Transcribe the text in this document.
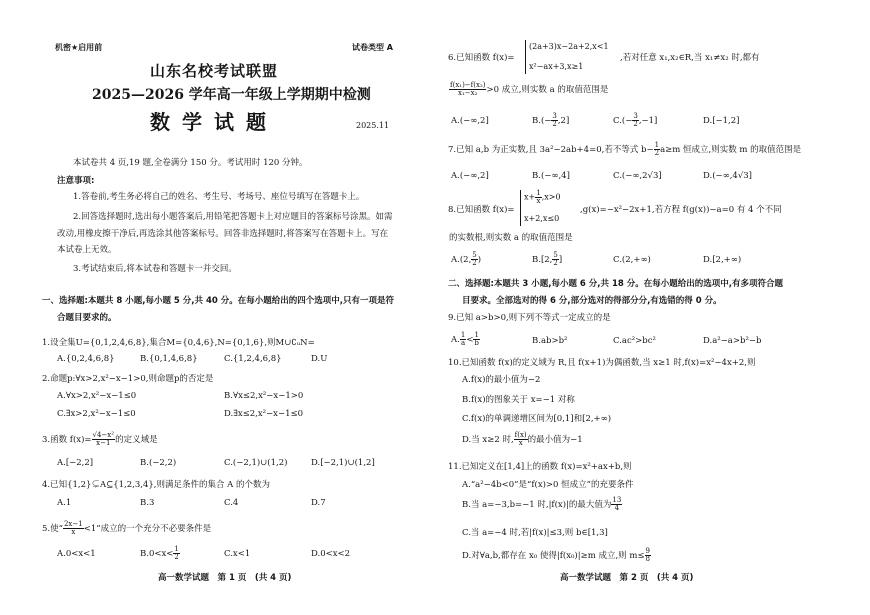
机密★启用前	试卷类型 A
山东名校考试联盟
2025—2026 学年高一年级上学期期中检测
数学试题	2025.11
本试卷共 4 页,19 题,全卷满分 150 分。考试用时 120 分钟。
注意事项:
1.答卷前,考生务必将自己的姓名、考生号、考场号、座位号填写在答题卡上。
2.回答选择题时,选出每小题答案后,用铅笔把答题卡上对应题目的答案标号涂黑。如需
改动,用橡皮擦干净后,再选涂其他答案标号。回答非选择题时,将答案写在答题卡上。写在
本试卷上无效。
3.考试结束后,将本试卷和答题卡一并交回。
一、选择题:本题共 8 小题,每小题 5 分,共 40 分。在每小题给出的四个选项中,只有一项是符
合题目要求的。
1.设全集U={0,1,2,4,6,8},集合M={0,4,6},N={0,1,6},则M∪∁ᵤN=
A.{0,2,4,6,8}	B.{0,1,4,6,8}	C.{1,2,4,6,8}	D.U
2.命题p:∀x>2,x²−x−1>0,则命题p的否定是
A.∀x>2,x²−x−1≤0	B.∀x≤2,x²−x−1>0
C.∃x>2,x²−x−1≤0	D.∃x≤2,x²−x−1≤0
3.函数 $f(x)= \frac{\text{√4−x²}}{x-1}$ 的定义域是
A.[−2,2]	B.(−2,2)	C.(−2,1)∪(1,2)	D.[−2,1)∪(1,2]
4.已知{1,2}⊊A⊆{1,2,3,4},则满足条件的集合 A 的个数为
A.1	B.3	C.4	D.7
5.使“ $\frac{2x-1}{x} <1$”成立的一个充分不必要条件是
A.0<x<1	$B.0<x< \frac{1}{2}$	C.x<1	D.0<x<2
高一数学试题　第 1 页　(共 4 页)
6.已知函数 f(x)=
(2a+3)x−2a+2,x<1
x²−ax+3,x≥1
,若对任意 x₁,x₂∈R,当 x₁≠x₂ 时,都有
$\frac{\text{f(x₁)−f(x₂)}}{\text{x₁−x₂}} >0$ 成立,则实数 a 的取值范围是
A.(−∞,2]	$B.(- \frac{3}{2} ,2]$	$C.(- \frac{3}{2} ,-1]$	D.[−1,2]
7.已知 a,b 为正实数,且 3a²−2ab+4=0,若不等式 $b- \frac{1}{2} a\ge m$ 恒成立,则实数 m 的取值范围是
A.(−∞,2]	B.(−∞,4]	C.(−∞,2√3]	D.(−∞,4√3]
8.已知函数 f(x)=
$x+ \frac{1}{x} ,x>0$
x+2,x≤0
,g(x)=−x²−2x+1,若方程 f(g(x))−a=0 有 4 个不同
的实数根,则实数 a 的取值范围是
A.(2, $\frac{5}{2}$ )	B.[2, $\frac{5}{2}$ ]	C.(2,+∞)	D.[2,+∞)
二、选择题:本题共 3 小题,每小题 6 分,共 18 分。在每小题给出的选项中,有多项符合题
目要求。全部选对的得 6 分,部分选对的得部分分,有选错的得 0 分。
9.已知 a>b>0,则下列不等式一定成立的是
A. $\frac{1}{a} < \frac{1}{b}$	B.ab>b²	C.ac²>bc²	D.a²−a>b²−b
10.已知函数 f(x)的定义域为 R,且 f(x+1)为偶函数,当 x≥1 时,f(x)=x²−4x+2,则
A.f(x)的最小值为−2
B.f(x)的图象关于 x=−1 对称
C.f(x)的单调递增区间为[0,1]和[2,+∞)
D.当 x≥2 时, $\frac{f(x)}{x}$ 的最小值为−1
11.已知定义在[1,4]上的函数 f(x)=x²+ax+b,则
A.“a²−4b<0”是“f(x)>0 恒成立”的充要条件
B.当 a=−3,b=−1 时,|f(x)|的最大值为 $\frac{13}{4}$
C.当 a=−4 时,若|f(x)|≤3,则 b∈[1,3]
D.对∀a,b,都存在 x₀ 使得|f(x₀)|≥m 成立,则 $m\le \frac{9}{8}$
高一数学试题　第 2 页　(共 4 页)
